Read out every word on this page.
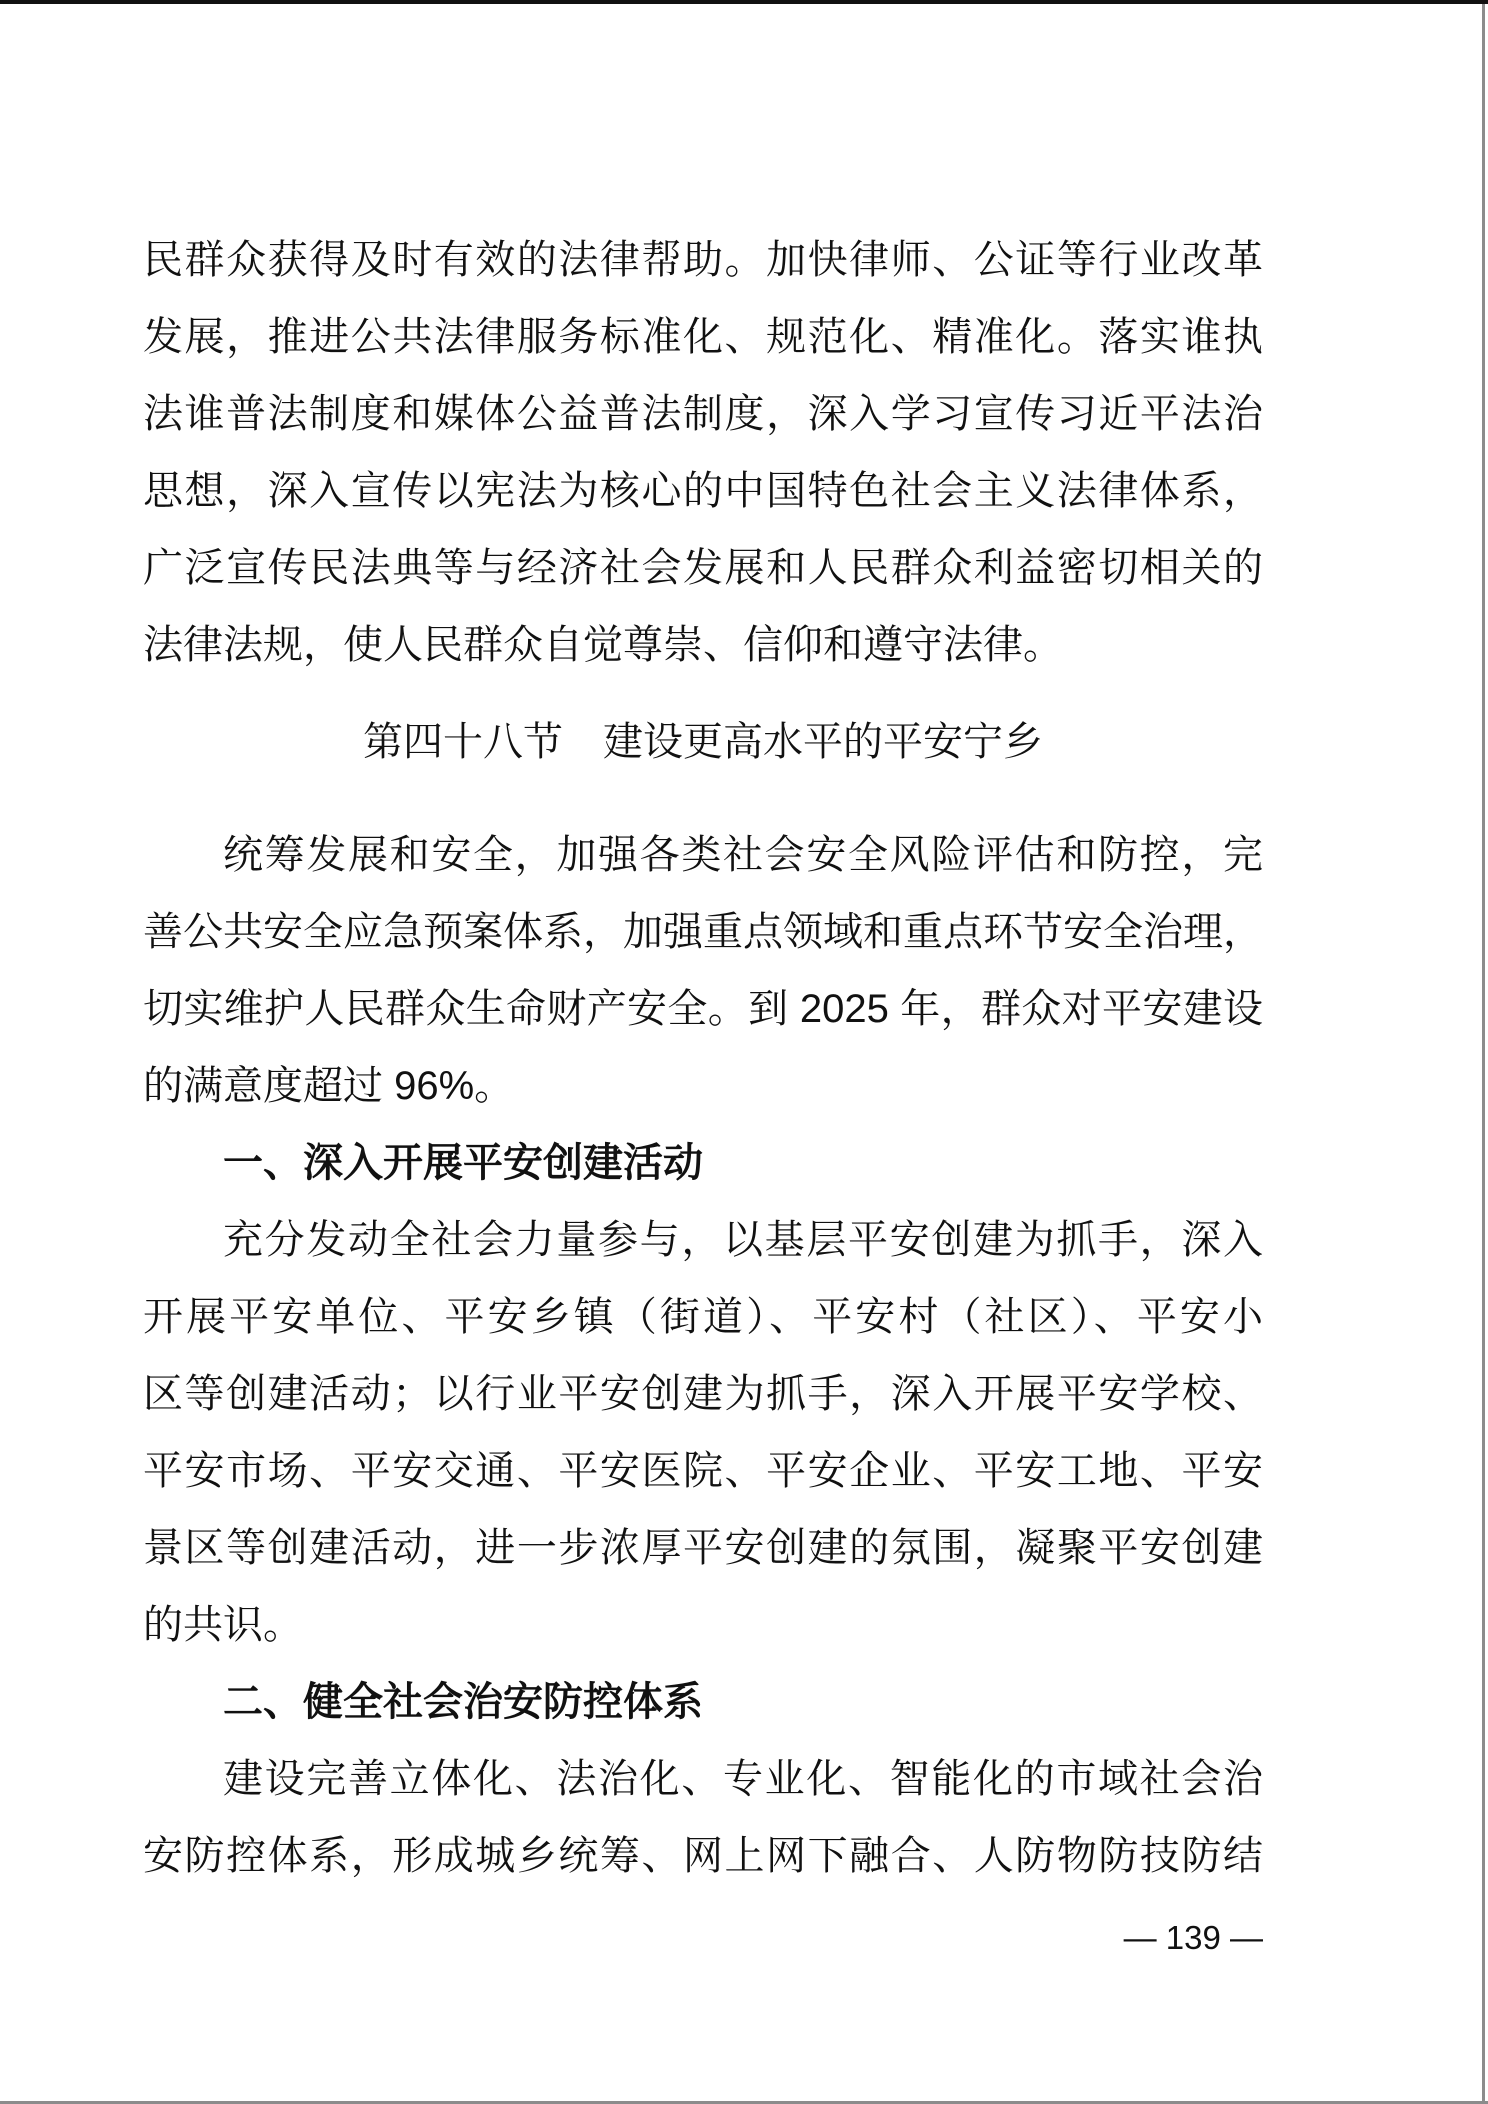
民群众获得及时有效的法律帮助。加快律师、公证等行业改革
发展，推进公共法律服务标准化、规范化、精准化。落实谁执
法谁普法制度和媒体公益普法制度，深入学习宣传习近平法治
思想，深入宣传以宪法为核心的中国特色社会主义法律体系，
广泛宣传民法典等与经济社会发展和人民群众利益密切相关的
法律法规，使人民群众自觉尊崇、信仰和遵守法律。
第四十八节　建设更高水平的平安宁乡
统筹发展和安全，加强各类社会安全风险评估和防控，完
善公共安全应急预案体系，加强重点领域和重点环节安全治理，
切实维护人民群众生命财产安全。到 2025 年，群众对平安建设
的满意度超过 96%。
一、深入开展平安创建活动
充分发动全社会力量参与，以基层平安创建为抓手，深入
开展平安单位、平安乡镇（街道）、平安村（社区）、平安小
区等创建活动；以行业平安创建为抓手，深入开展平安学校、
平安市场、平安交通、平安医院、平安企业、平安工地、平安
景区等创建活动，进一步浓厚平安创建的氛围，凝聚平安创建
的共识。
二、健全社会治安防控体系
建设完善立体化、法治化、专业化、智能化的市域社会治
安防控体系，形成城乡统筹、网上网下融合、人防物防技防结
— 139 —
